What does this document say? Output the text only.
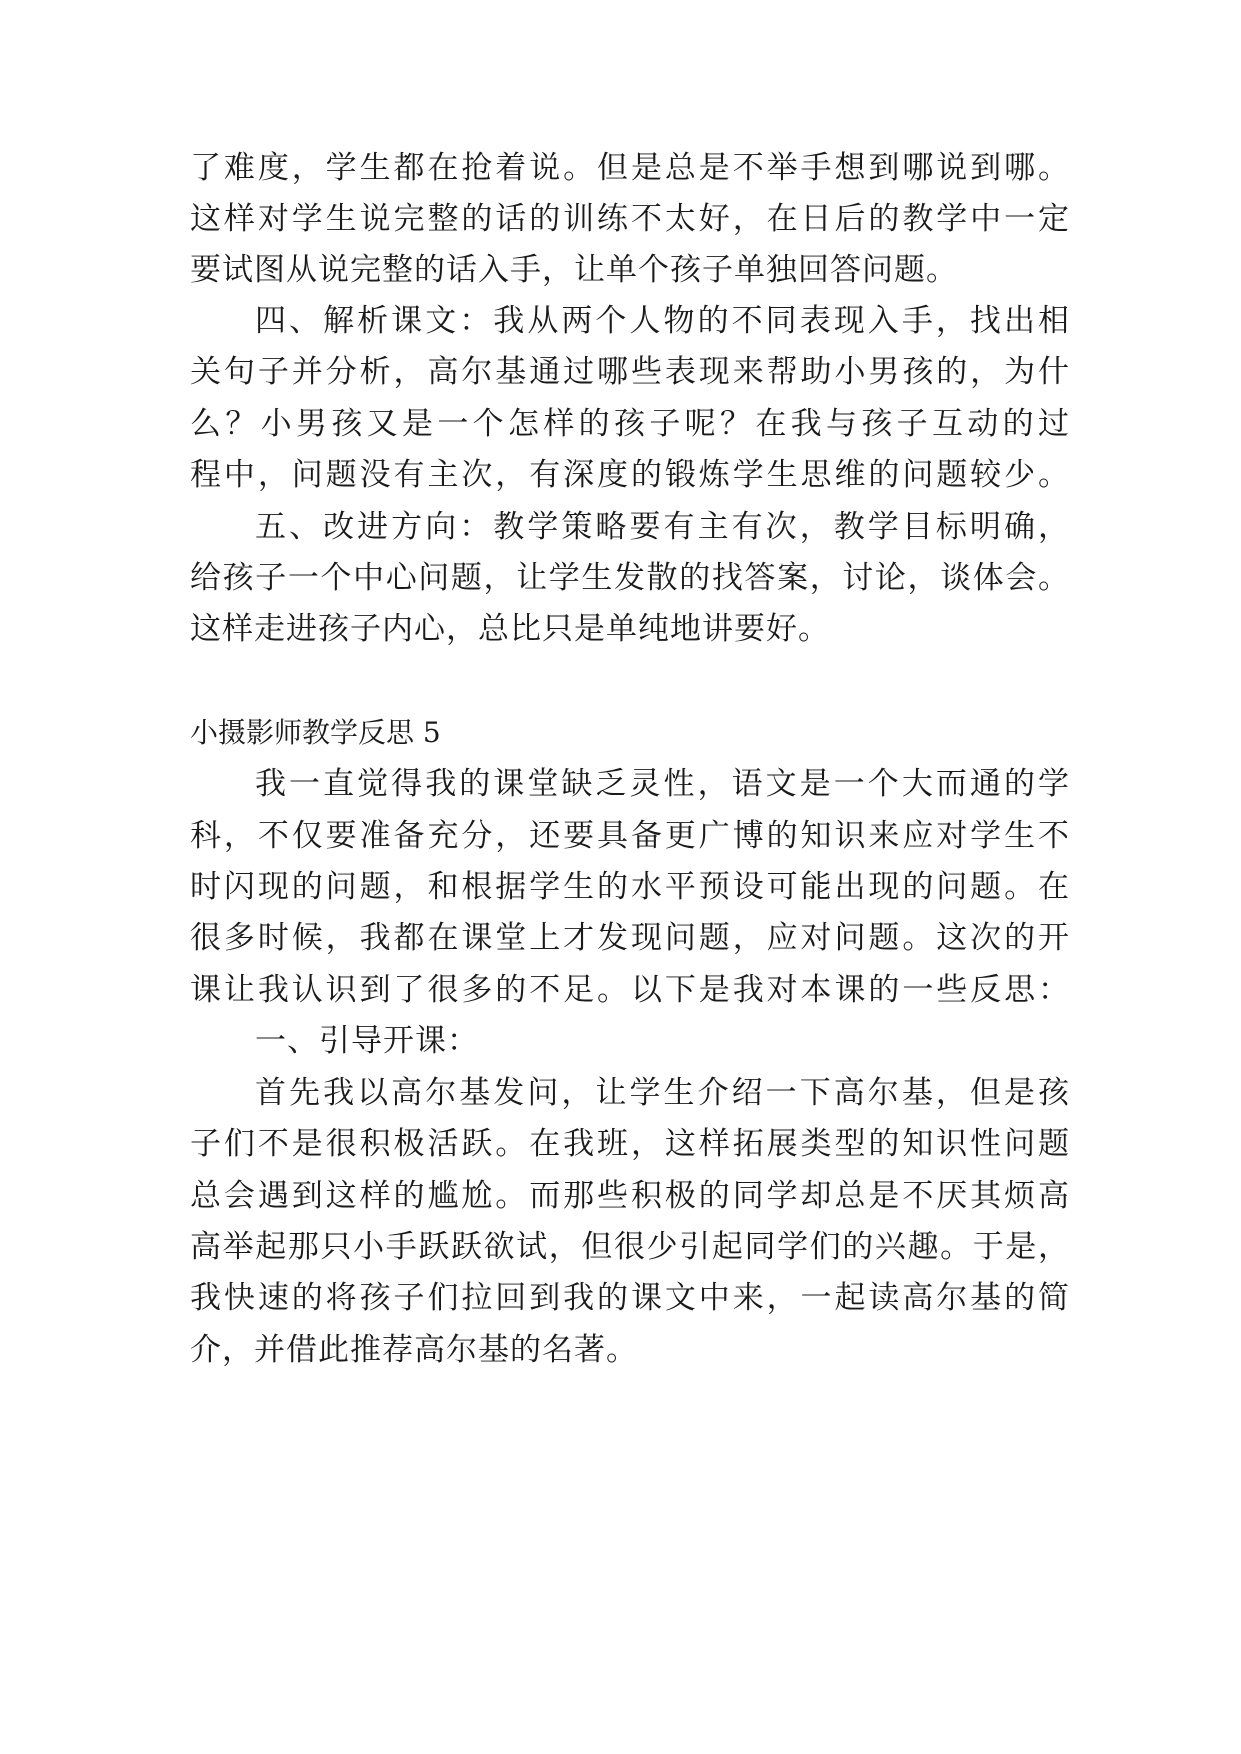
了难度，学生都在抢着说。但是总是不举手想到哪说到哪。
这样对学生说完整的话的训练不太好，在日后的教学中一定
要试图从说完整的话入手，让单个孩子单独回答问题。
四、解析课文：我从两个人物的不同表现入手，找出相
关句子并分析，高尔基通过哪些表现来帮助小男孩的，为什
么？小男孩又是一个怎样的孩子呢？在我与孩子互动的过
程中，问题没有主次，有深度的锻炼学生思维的问题较少。
五、改进方向：教学策略要有主有次，教学目标明确，
给孩子一个中心问题，让学生发散的找答案，讨论，谈体会。
这样走进孩子内心，总比只是单纯地讲要好。
小摄影师教学反思 5
我一直觉得我的课堂缺乏灵性，语文是一个大而通的学
科，不仅要准备充分，还要具备更广博的知识来应对学生不
时闪现的问题，和根据学生的水平预设可能出现的问题。在
很多时候，我都在课堂上才发现问题，应对问题。这次的开
课让我认识到了很多的不足。以下是我对本课的一些反思：
一、引导开课：
首先我以高尔基发问，让学生介绍一下高尔基，但是孩
子们不是很积极活跃。在我班，这样拓展类型的知识性问题
总会遇到这样的尴尬。而那些积极的同学却总是不厌其烦高
高举起那只小手跃跃欲试，但很少引起同学们的兴趣。于是，
我快速的将孩子们拉回到我的课文中来，一起读高尔基的简
介，并借此推荐高尔基的名著。
